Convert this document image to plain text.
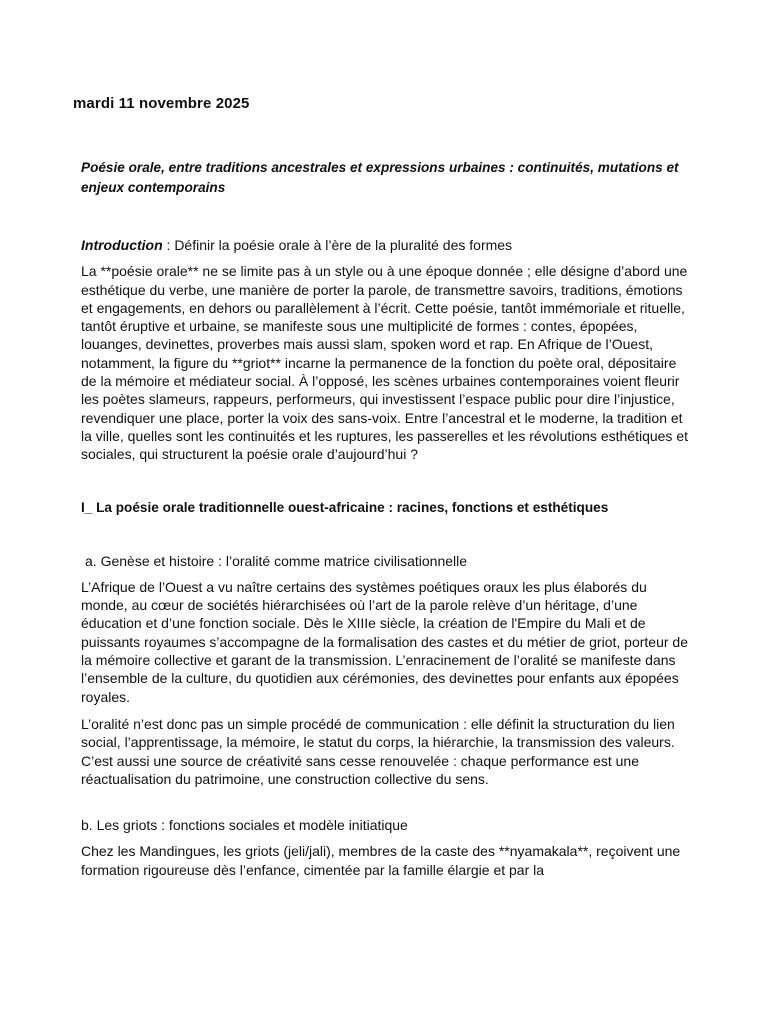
mardi 11 novembre 2025
Poésie orale, entre traditions ancestrales et expressions urbaines : continuités, mutations et enjeux contemporains

Introduction : Définir la poésie orale à l’ère de la pluralité des formes

La **poésie orale** ne se limite pas à un style ou à une époque donnée ; elle désigne d’abord une esthétique du verbe, une manière de porter la parole, de transmettre savoirs, traditions, émotions et engagements, en dehors ou parallèlement à l’écrit. Cette poésie, tantôt immémoriale et rituelle, tantôt éruptive et urbaine, se manifeste sous une multiplicité de formes : contes, épopées, louanges, devinettes, proverbes mais aussi slam, spoken word et rap. En Afrique de l’Ouest, notamment, la figure du **griot** incarne la permanence de la fonction du poète oral, dépositaire de la mémoire et médiateur social. À l’opposé, les scènes urbaines contemporaines voient fleurir les poètes slameurs, rappeurs, performeurs, qui investissent l’espace public pour dire l’injustice, revendiquer une place, porter la voix des sans-voix. Entre l’ancestral et le moderne, la tradition et la ville, quelles sont les continuités et les ruptures, les passerelles et les révolutions esthétiques et sociales, qui structurent la poésie orale d’aujourd’hui ?

I_ La poésie orale traditionnelle ouest-africaine : racines, fonctions et esthétiques

a. Genèse et histoire : l’oralité comme matrice civilisationnelle

L’Afrique de l’Ouest a vu naître certains des systèmes poétiques oraux les plus élaborés du monde, au cœur de sociétés hiérarchisées où l’art de la parole relève d’un héritage, d’une éducation et d’une fonction sociale. Dès le XIIIe siècle, la création de l'Empire du Mali et de puissants royaumes s’accompagne de la formalisation des castes et du métier de griot, porteur de la mémoire collective et garant de la transmission. L’enracinement de l’oralité se manifeste dans l’ensemble de la culture, du quotidien aux cérémonies, des devinettes pour enfants aux épopées royales.

L’oralité n’est donc pas un simple procédé de communication : elle définit la structuration du lien social, l’apprentissage, la mémoire, le statut du corps, la hiérarchie, la transmission des valeurs. C’est aussi une source de créativité sans cesse renouvelée : chaque performance est une réactualisation du patrimoine, une construction collective du sens.

b. Les griots : fonctions sociales et modèle initiatique

Chez les Mandingues, les griots (jeli/jali), membres de la caste des **nyamakala**, reçoivent une formation rigoureuse dès l’enfance, cimentée par la famille élargie et par la
